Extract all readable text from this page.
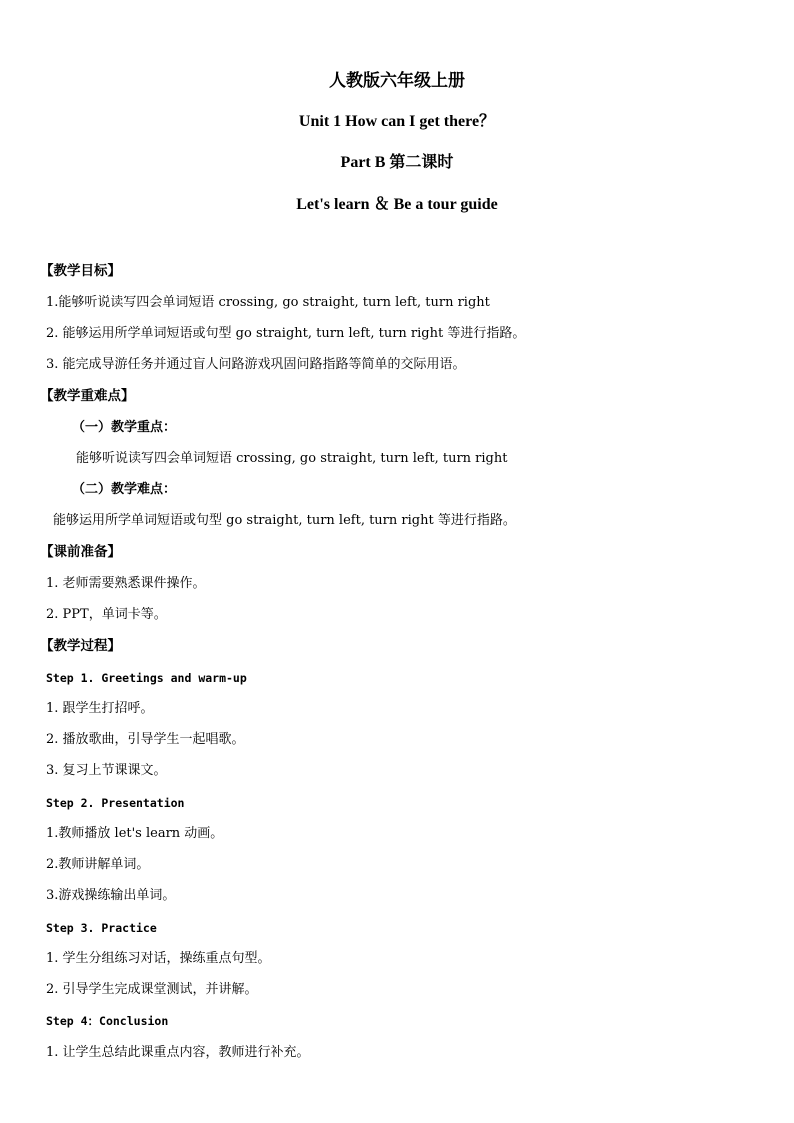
人教版六年级上册
Unit 1 How can I get there？
Part B 第二课时
Let's learn ＆ Be a tour guide
【教学目标】
1.能够听说读写四会单词短语 crossing, go straight, turn left, turn right
2. 能够运用所学单词短语或句型 go straight, turn left, turn right 等进行指路。
3. 能完成导游任务并通过盲人问路游戏巩固问路指路等简单的交际用语。
【教学重难点】
（一）教学重点：
能够听说读写四会单词短语 crossing, go straight, turn left, turn right
（二）教学难点：
能够运用所学单词短语或句型 go straight, turn left, turn right 等进行指路。
【课前准备】
1. 老师需要熟悉课件操作。
2. PPT，单词卡等。
【教学过程】
Step 1. Greetings and warm-up
1. 跟学生打招呼。
2. 播放歌曲，引导学生一起唱歌。
3. 复习上节课课文。
Step 2. Presentation
1.教师播放 let's learn 动画。
2.教师讲解单词。
3.游戏操练输出单词。
Step 3. Practice
1. 学生分组练习对话，操练重点句型。
2. 引导学生完成课堂测试，并讲解。
Step 4：Conclusion
1. 让学生总结此课重点内容，教师进行补充。
